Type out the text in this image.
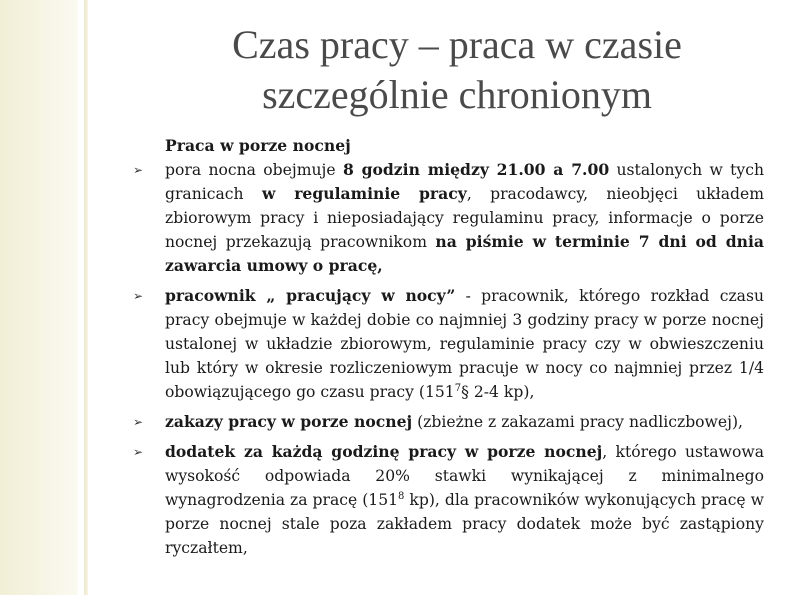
Czas pracy – praca w czasie
szczególnie chronionym
Praca w porze nocnej
➢ pora nocna obejmuje 8 godzin między 21.00 a 7.00 ustalonych w tych granicach w regulaminie pracy, pracodawcy, nieobjęci układem zbiorowym pracy i nieposiadający regulaminu pracy, informacje o porze nocnej przekazują pracownikom na piśmie w terminie 7 dni od dnia zawarcia umowy o pracę,
➢ pracownik „ pracujący w nocy” - pracownik, którego rozkład czasu pracy obejmuje w każdej dobie co najmniej 3 godziny pracy w porze nocnej ustalonej w układzie zbiorowym, regulaminie pracy czy w obwieszczeniu lub który w okresie rozliczeniowym pracuje w nocy co najmniej przez 1/4 obowiązującego go czasu pracy ($151^7\S$ 2-4 kp),
➢ zakazy pracy w porze nocnej (zbieżne z zakazami pracy nadliczbowej),
➢ dodatek za każdą godzinę pracy w porze nocnej, którego ustawowa wysokość odpowiada 20% stawki wynikającej z minimalnego wynagrodzenia za pracę ($151^8$ kp), dla pracowników wykonujących pracę w porze nocnej stale poza zakładem pracy dodatek może być zastąpiony ryczałtem,
